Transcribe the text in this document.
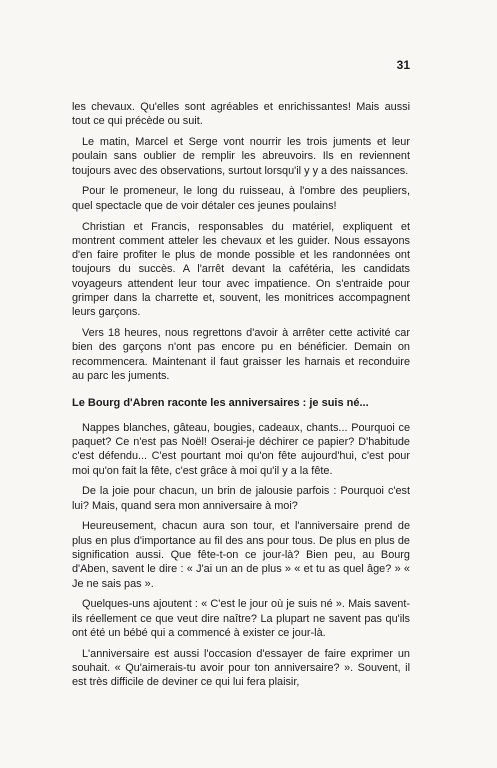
31

les chevaux. Qu'elles sont agréables et enrichissantes! Mais aussi tout ce qui précède ou suit.

Le matin, Marcel et Serge vont nourrir les trois juments et leur poulain sans oublier de remplir les abreuvoirs. Ils en reviennent toujours avec des observations, surtout lorsqu'il y y a des naissances.

Pour le promeneur, le long du ruisseau, à l'ombre des peupliers, quel spectacle que de voir détaler ces jeunes poulains!

Christian et Francis, responsables du matériel, expliquent et montrent comment atteler les chevaux et les guider. Nous essayons d'en faire profiter le plus de monde possible et les randonnées ont toujours du succès. A l'arrêt devant la cafétéria, les candidats voyageurs attendent leur tour avec impatience. On s'entraide pour grimper dans la charrette et, souvent, les monitrices accompagnent leurs garçons.

Vers 18 heures, nous regrettons d'avoir à arrêter cette activité car bien des garçons n'ont pas encore pu en bénéficier. Demain on recommencera. Maintenant il faut graisser les harnais et reconduire au parc les juments.

Le Bourg d'Abren raconte les anniversaires : je suis né...

Nappes blanches, gâteau, bougies, cadeaux, chants... Pourquoi ce paquet? Ce n'est pas Noël! Oserai-je déchirer ce papier? D'habitude c'est défendu... C'est pourtant moi qu'on fête aujourd'hui, c'est pour moi qu'on fait la fête, c'est grâce à moi qu'il y a la fête.

De la joie pour chacun, un brin de jalousie parfois : Pourquoi c'est lui? Mais, quand sera mon anniversaire à moi?

Heureusement, chacun aura son tour, et l'anniversaire prend de plus en plus d'importance au fil des ans pour tous. De plus en plus de signification aussi. Que fête-t-on ce jour-là? Bien peu, au Bourg d'Aben, savent le dire : « J'ai un an de plus » « et tu as quel âge? » « Je ne sais pas ».

Quelques-uns ajoutent : « C'est le jour où je suis né ». Mais savent-ils réellement ce que veut dire naître? La plupart ne savent pas qu'ils ont été un bébé qui a commencé à exister ce jour-là.

L'anniversaire est aussi l'occasion d'essayer de faire exprimer un souhait. « Qu'aimerais-tu avoir pour ton anniversaire? ». Souvent, il est très difficile de deviner ce qui lui fera plaisir,
